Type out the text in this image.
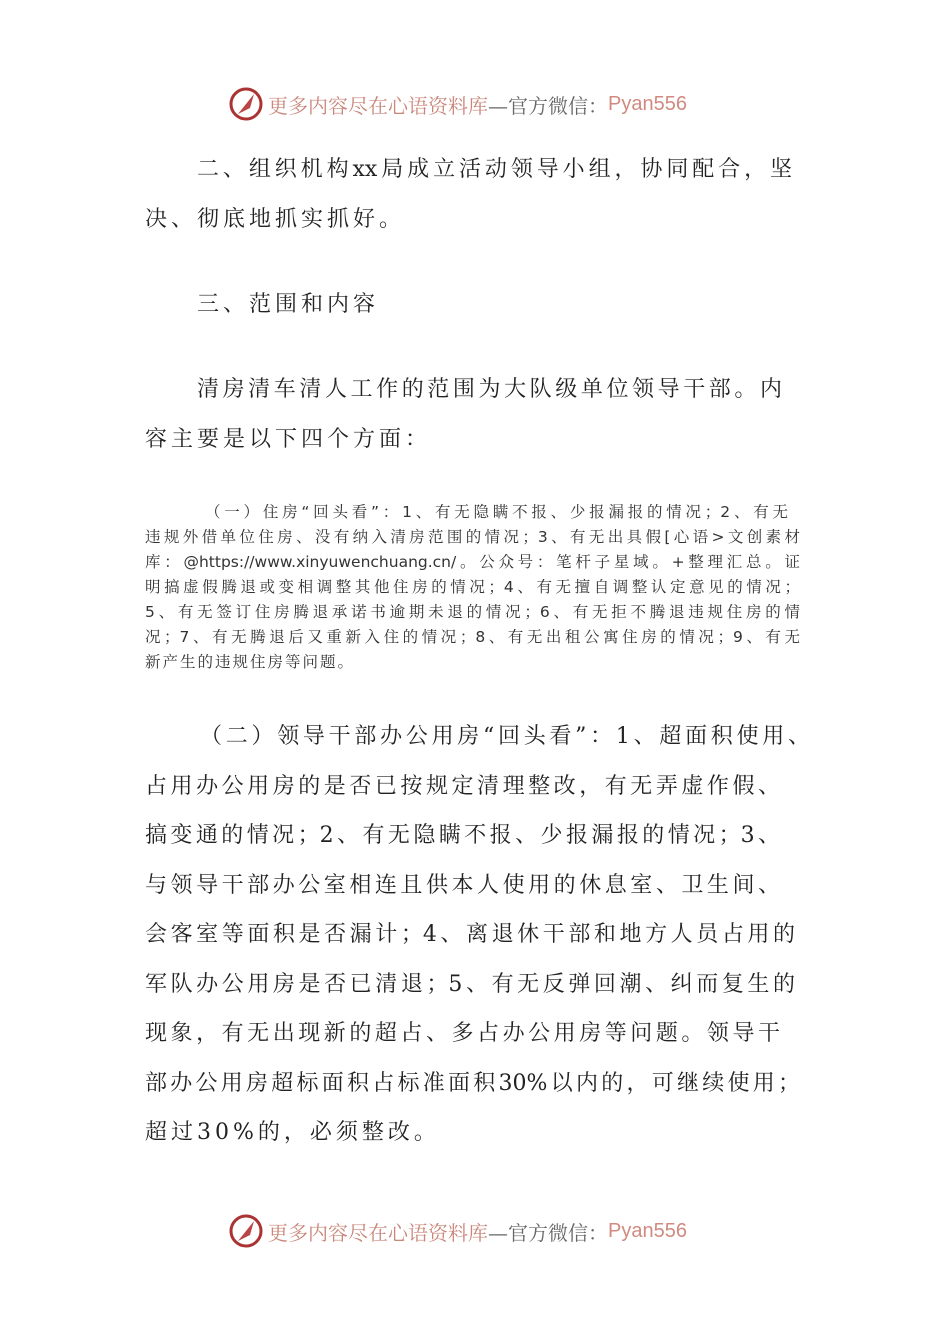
更多内容尽在心语资料库 —官方微信： Pyan556
二、组织机构xx局成立活动领导小组，协同配合，坚
决、彻底地抓实抓好。
三、范围和内容
清房清车清人工作的范围为大队级单位领导干部。内
容主要是以下四个方面：
（一）住房“回头看”：1、有无隐瞒不报、少报漏报的情况；2、有无
违规外借单位住房、没有纳入清房范围的情况；3、有无出具假[心语>文创素材
库：@https://www.xinyuwenchuang.cn/。公众号：笔杆子星域。+整理汇总。证
明搞虚假腾退或变相调整其他住房的情况；4、有无擅自调整认定意见的情况；
5、有无签订住房腾退承诺书逾期未退的情况；6、有无拒不腾退违规住房的情
况；7、有无腾退后又重新入住的情况；8、有无出租公寓住房的情况；9、有无
新产生的违规住房等问题。
（二）领导干部办公用房“回头看”：1、超面积使用、
占用办公用房的是否已按规定清理整改，有无弄虚作假、
搞变通的情况；2、有无隐瞒不报、少报漏报的情况；3、
与领导干部办公室相连且供本人使用的休息室、卫生间、
会客室等面积是否漏计；4、离退休干部和地方人员占用的
军队办公用房是否已清退；5、有无反弹回潮、纠而复生的
现象，有无出现新的超占、多占办公用房等问题。领导干
部办公用房超标面积占标准面积30%以内的，可继续使用；
超过30%的，必须整改。
更多内容尽在心语资料库 —官方微信： Pyan556
